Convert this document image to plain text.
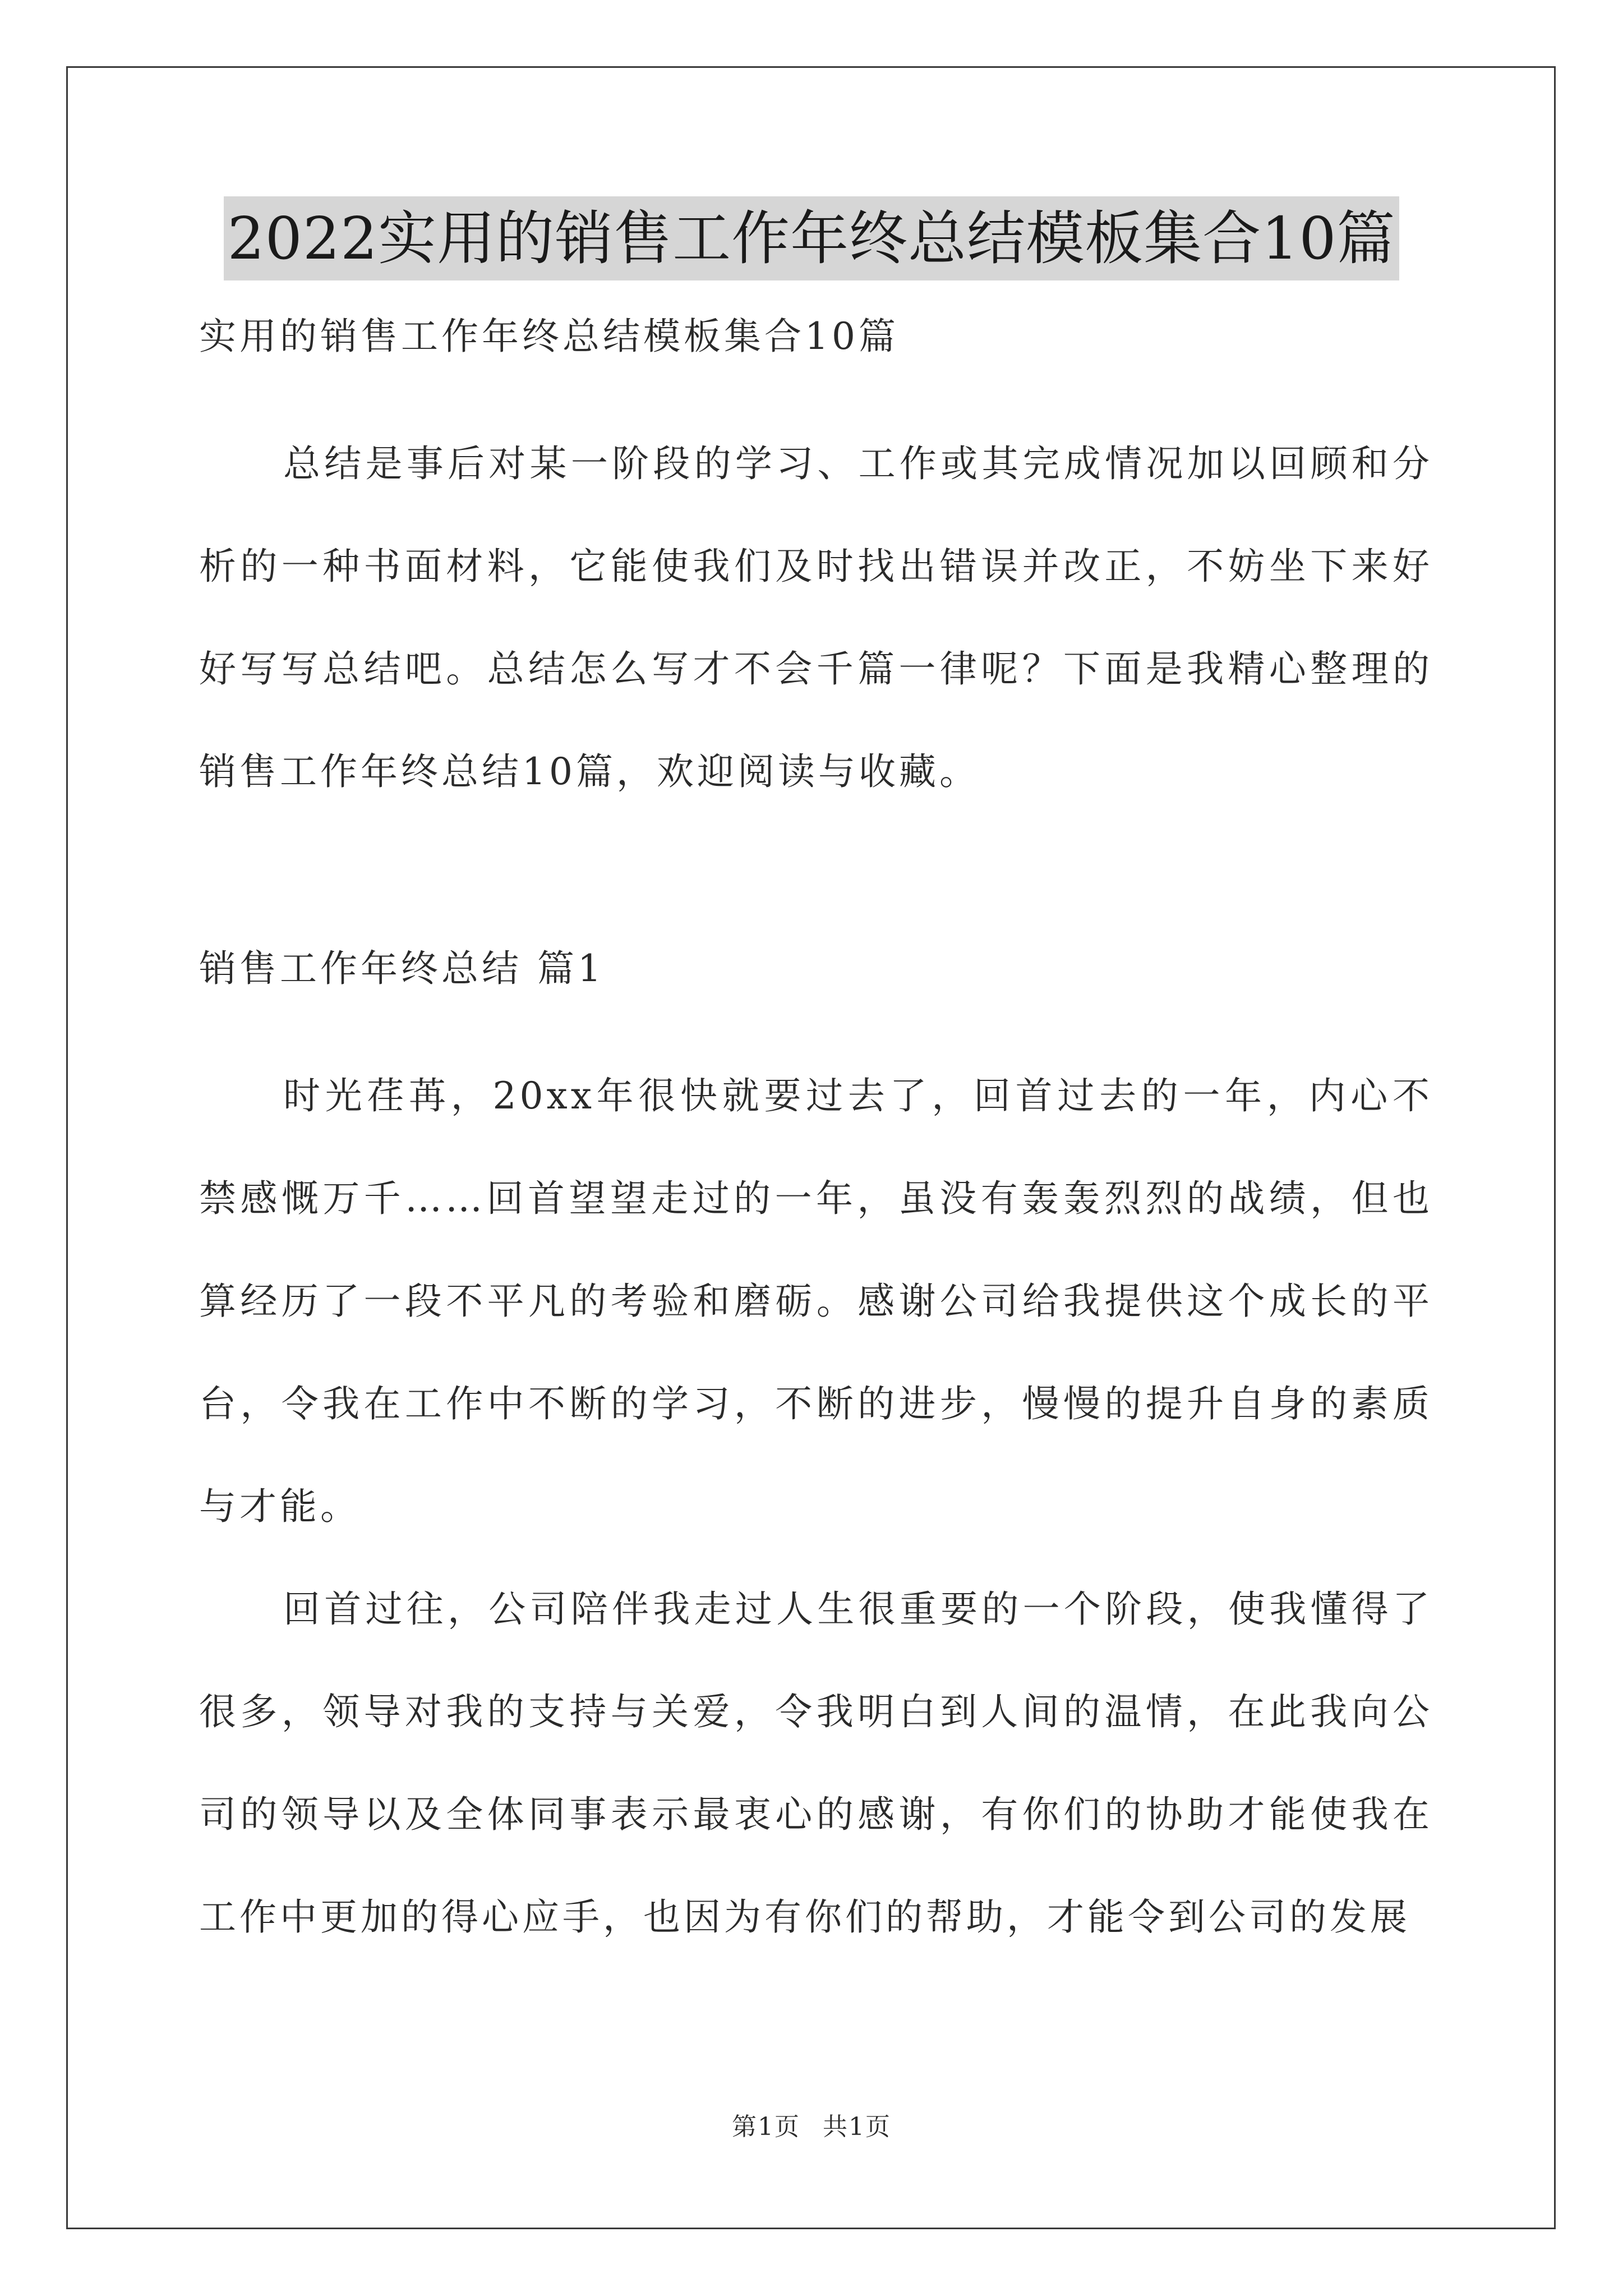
2022实用的销售工作年终总结模板集合10篇

实用的销售工作年终总结模板集合10篇

总结是事后对某一阶段的学习、工作或其完成情况加以回顾和分析的一种书面材料，它能使我们及时找出错误并改正，不妨坐下来好好写写总结吧。总结怎么写才不会千篇一律呢？下面是我精心整理的销售工作年终总结10篇，欢迎阅读与收藏。

销售工作年终总结 篇1

时光荏苒，20xx年很快就要过去了，回首过去的一年，内心不禁感慨万千……回首望望走过的一年，虽没有轰轰烈烈的战绩，但也算经历了一段不平凡的考验和磨砺。感谢公司给我提供这个成长的平台，令我在工作中不断的学习，不断的进步，慢慢的提升自身的素质与才能。

回首过往，公司陪伴我走过人生很重要的一个阶段，使我懂得了很多，领导对我的支持与关爱，令我明白到人间的温情，在此我向公司的领导以及全体同事表示最衷心的感谢，有你们的协助才能使我在工作中更加的得心应手，也因为有你们的帮助，才能令到公司的发展

第1页 共1页
